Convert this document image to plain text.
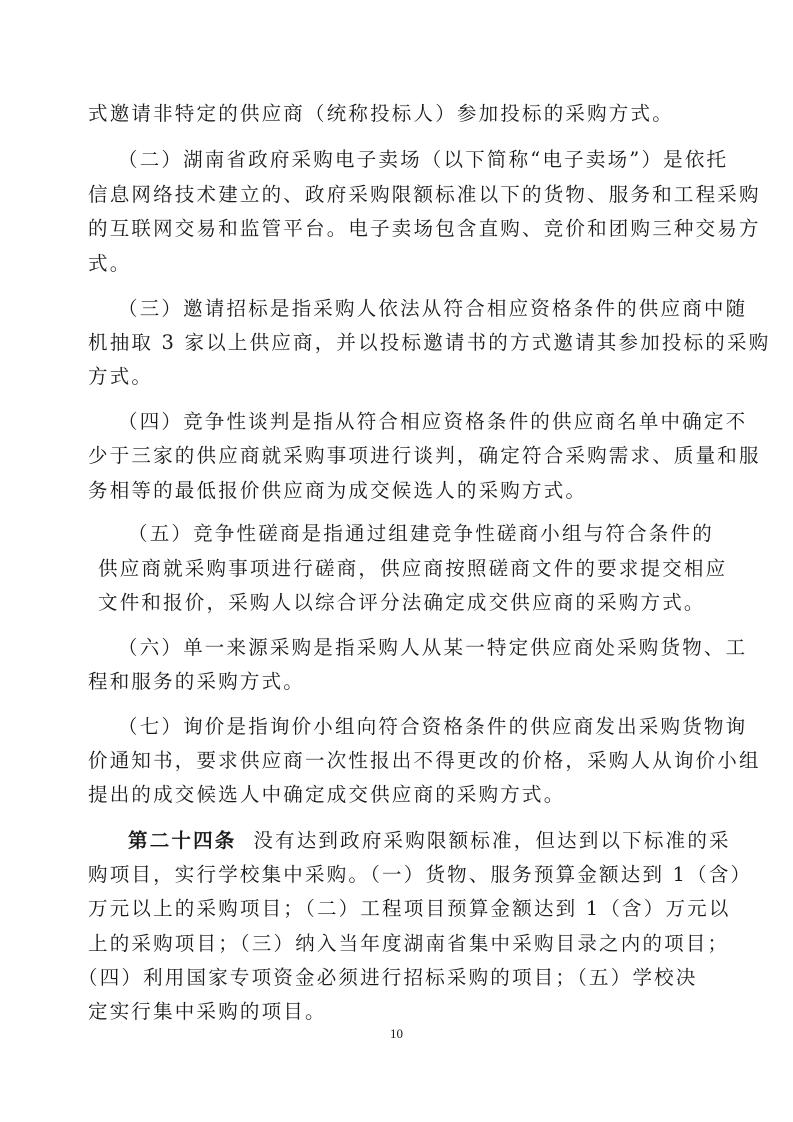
式邀请非特定的供应商（统称投标人）参加投标的采购方式。
（二）湖南省政府采购电子卖场（以下简称“电子卖场”）是依托
信息网络技术建立的、政府采购限额标准以下的货物、服务和工程采购
的互联网交易和监管平台。电子卖场包含直购、竞价和团购三种交易方
式。
（三）邀请招标是指采购人依法从符合相应资格条件的供应商中随
机抽取 3 家以上供应商，并以投标邀请书的方式邀请其参加投标的采购
方式。
（四）竞争性谈判是指从符合相应资格条件的供应商名单中确定不
少于三家的供应商就采购事项进行谈判，确定符合采购需求、质量和服
务相等的最低报价供应商为成交候选人的采购方式。
（五）竞争性磋商是指通过组建竞争性磋商小组与符合条件的
供应商就采购事项进行磋商，供应商按照磋商文件的要求提交相应
文件和报价，采购人以综合评分法确定成交供应商的采购方式。
（六）单一来源采购是指采购人从某一特定供应商处采购货物、工
程和服务的采购方式。
（七）询价是指询价小组向符合资格条件的供应商发出采购货物询
价通知书，要求供应商一次性报出不得更改的价格，采购人从询价小组
提出的成交候选人中确定成交供应商的采购方式。
第二十四条 没有达到政府采购限额标准，但达到以下标准的采
购项目，实行学校集中采购。（一）货物、服务预算金额达到 1（含）
万元以上的采购项目；（二）工程项目预算金额达到 1（含）万元以
上的采购项目；（三）纳入当年度湖南省集中采购目录之内的项目；
（四）利用国家专项资金必须进行招标采购的项目；（五）学校决
定实行集中采购的项目。
10
